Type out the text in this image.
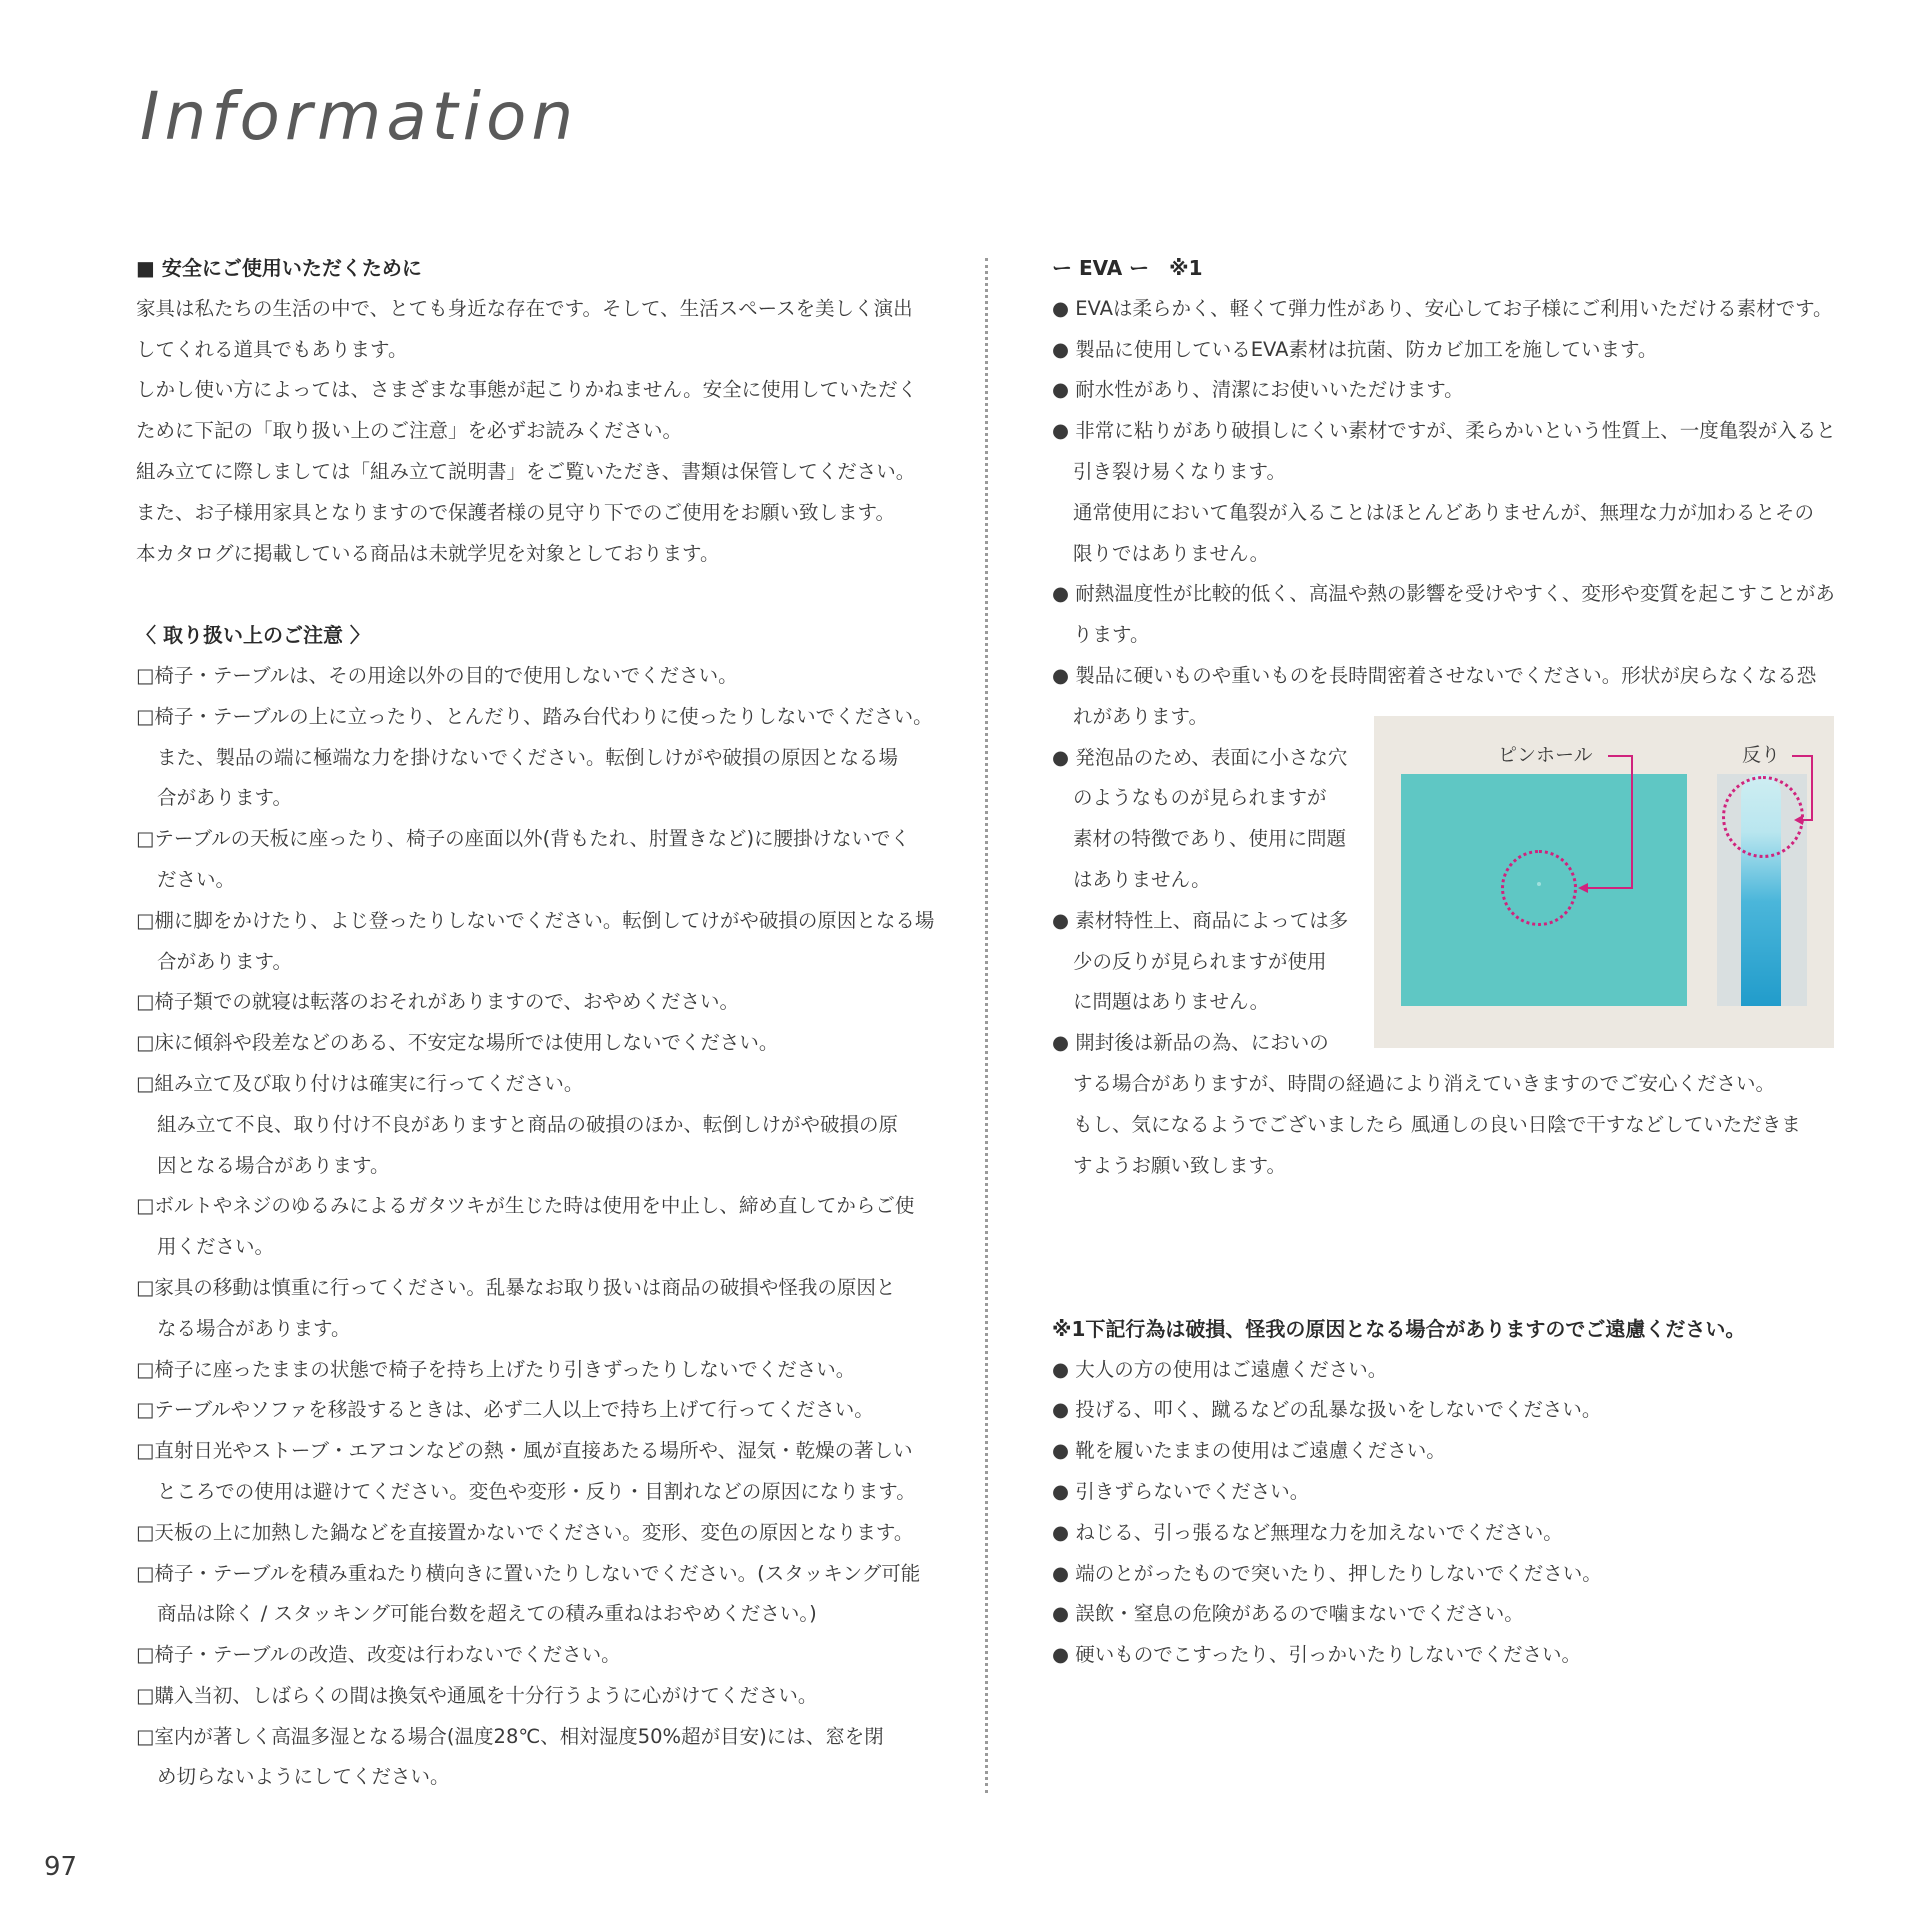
Information
■ 安全にご使用いただくために
家具は私たちの生活の中で、とても身近な存在です。そして、生活スペースを美しく演出
してくれる道具でもあります。
しかし使い方によっては、さまざまな事態が起こりかねません。安全に使用していただく
ために下記の「取り扱い上のご注意」を必ずお読みください。
組み立てに際しましては「組み立て説明書」をご覧いただき、書類は保管してください。
また、お子様用家具となりますので保護者様の見守り下でのご使用をお願い致します。
本カタログに掲載している商品は未就学児を対象としております。
〈 取り扱い上のご注意 〉
□椅子・テーブルは、その用途以外の目的で使用しないでください。
□椅子・テーブルの上に立ったり、とんだり、踏み台代わりに使ったりしないでください。
また、製品の端に極端な力を掛けないでください。転倒しけがや破損の原因となる場
合があります。
□テーブルの天板に座ったり、椅子の座面以外(背もたれ、肘置きなど)に腰掛けないでく
ださい。
□棚に脚をかけたり、よじ登ったりしないでください。転倒してけがや破損の原因となる場
合があります。
□椅子類での就寝は転落のおそれがありますので、おやめください。
□床に傾斜や段差などのある、不安定な場所では使用しないでください。
□組み立て及び取り付けは確実に行ってください。
組み立て不良、取り付け不良がありますと商品の破損のほか、転倒しけがや破損の原
因となる場合があります。
□ボルトやネジのゆるみによるガタツキが生じた時は使用を中止し、締め直してからご使
用ください。
□家具の移動は慎重に行ってください。乱暴なお取り扱いは商品の破損や怪我の原因と
なる場合があります。
□椅子に座ったままの状態で椅子を持ち上げたり引きずったりしないでください。
□テーブルやソファを移設するときは、必ず二人以上で持ち上げて行ってください。
□直射日光やストーブ・エアコンなどの熱・風が直接あたる場所や、湿気・乾燥の著しい
ところでの使用は避けてください。変色や変形・反り・目割れなどの原因になります。
□天板の上に加熱した鍋などを直接置かないでください。変形、変色の原因となります。
□椅子・テーブルを積み重ねたり横向きに置いたりしないでください。(スタッキング可能
商品は除く / スタッキング可能台数を超えての積み重ねはおやめください。)
□椅子・テーブルの改造、改変は行わないでください。
□購入当初、しばらくの間は換気や通風を十分行うように心がけてください。
□室内が著しく高温多湿となる場合(温度28℃、相対湿度50%超が目安)には、窓を閉
め切らないようにしてください。
ー EVA ー　※1
● EVAは柔らかく、軽くて弾力性があり、安心してお子様にご利用いただける素材です。
● 製品に使用しているEVA素材は抗菌、防カビ加工を施しています。
● 耐水性があり、清潔にお使いいただけます。
● 非常に粘りがあり破損しにくい素材ですが、柔らかいという性質上、一度亀裂が入ると
引き裂け易くなります。
通常使用において亀裂が入ることはほとんどありませんが、無理な力が加わるとその
限りではありません。
● 耐熱温度性が比較的低く、高温や熱の影響を受けやすく、変形や変質を起こすことがあ
ります。
● 製品に硬いものや重いものを長時間密着させないでください。形状が戻らなくなる恐
れがあります。
● 発泡品のため、表面に小さな穴
のようなものが見られますが
素材の特徴であり、使用に問題
はありません。
● 素材特性上、商品によっては多
少の反りが見られますが使用
に問題はありません。
● 開封後は新品の為、においの
する場合がありますが、時間の経過により消えていきますのでご安心ください。
もし、気になるようでございましたら 風通しの良い日陰で干すなどしていただきま
すようお願い致します。
※1下記行為は破損、怪我の原因となる場合がありますのでご遠慮ください。
● 大人の方の使用はご遠慮ください。
● 投げる、叩く、蹴るなどの乱暴な扱いをしないでください。
● 靴を履いたままの使用はご遠慮ください。
● 引きずらないでください。
● ねじる、引っ張るなど無理な力を加えないでください。
● 端のとがったもので突いたり、押したりしないでください。
● 誤飲・窒息の危険があるので噛まないでください。
● 硬いものでこすったり、引っかいたりしないでください。
ピンホール	反り
97
